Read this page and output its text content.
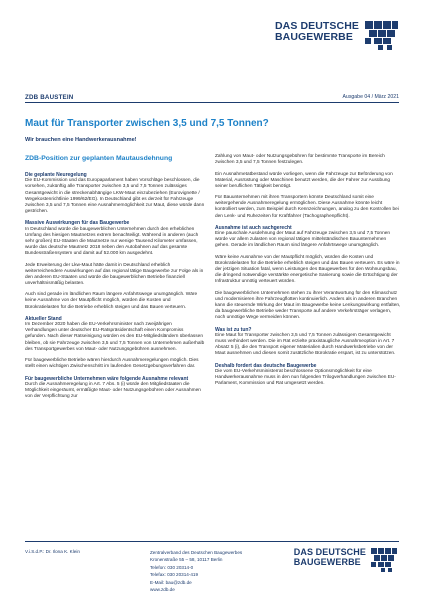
DAS DEUTSCHE
BAUGEWERBE
ZDB BAUSTEIN	Ausgabe 04 / März 2021
Maut für Transporter zwischen 3,5 und 7,5 Tonnen?
Wir brauchen eine Handwerkerausnahme!
ZDB-Position zur geplanten Mautausdehnung
Die geplante Neuregelung

Die EU-Kommission und das Europaparlament haben Vorschläge beschlossen, die vorsehen, zukünftig alle Transporter zwischen 3,5 und 7,5 Tonnen zulässiges Gesamtgewicht in die streckenabhängige LKW-Maut einzubeziehen (Eurovignette / Wegekostenrichtlinie 1999/62/EG). In Deutschland gibt es derzeit für Fahrzeuge zwischen 3,5 und 7,5 Tonnen eine Ausnahmemöglichkeit zur Maut, diese würde dann gestrichen.

Massive Auswirkungen für das Baugewerbe

In Deutschland würde die baugewerblichen Unternehmen durch den erheblichen Umfang des hiesigen Mautnetzes extrem benachteiligt. Während in anderen (auch sehr großen) EU-Staaten die Mautnetze nur wenige Tausend Kilometer umfassen, wurde das deutsche Mautnetz 2018 neben den Autobahnen auf das gesamte Bundesstraßensystem und damit auf 52.000 km ausgedehnt.

Jede Erweiterung der Lkw-Maut hätte damit in Deutschland erheblich weiterreichendere Auswirkungen auf das regional tätige Baugewerbe zur Folge als in den anderen EU-Staaten und würde die baugewerblichen Betriebe finanziell unverhältnismäßig belasten.

Auch sind gerade im ländlichen Raum längere Anfahrtswege unumgänglich. Wäre keine Ausnahme von der Mautpflicht möglich, würden die Kosten und Bürokratielasten für die Betriebe erheblich steigen und das Bauen verteuern.

Aktueller Stand

Im Dezember 2020 haben die EU-Verkehrsminister nach zweijährigen Verhandlungen unter deutscher EU-Ratspräsidentschaft einen Kompromiss gefunden. Nach dieser Ratseinigung würden es den EU-Mitgliedsländern überlassen bleiben, ob sie Fahrzeuge zwischen 3,5 und 7,5 Tonnen von Unternehmen außerhalb des Transportgewerbes von Maut- oder Nutzungsgebühren ausnehmen.

Für baugewerbliche Betriebe wären hierdurch Ausnahmeregelungen möglich. Dies stellt einen wichtigen Zwischenschritt im laufenden Gesetzgebungsverfahren dar.

Für baugewerbliche Unternehmen wäre folgende Ausnahme relevant

Durch die Ausnahmeregelung in Art. 7 Abs. 5 (i) würde den Mitgliedstaaten die Möglichkeit eingeräumt, ermäßigte Maut- oder Nutzungsgebühren oder Ausnahmen von der Verpflichtung zur

Zahlung von Maut- oder Nutzungsgebühren für bestimmte Transporte im Bereich zwischen 3,5 und 7,5 Tonnen festzulegen.

Ein Ausnahmetatbestand würde vorliegen, wenn die Fahrzeuge zur Beförderung von Material, Ausrüstung oder Maschinen benutzt werden, die der Fahrer zur Ausübung seiner beruflichen Tätigkeit benötigt.

Für Bauunternehmen mit ihren Transportern könnte Deutschland somit eine weitergehende Ausnahmeregelung ermöglichen. Diese Ausnahme könnte leicht kontrolliert werden, zum Beispiel durch Kennzeichnungen, analog zu den Kontrollen bei den Lenk- und Ruhezeiten für Kraftfahrer (Tachographenpflicht).

Ausnahme ist auch sachgerecht

Eine pauschale Ausdehnung der Maut auf Fahrzeuge zwischen 3,5 und 7,5 Tonnen würde vor allem zulasten von regional tätigen mittelständischen Bauunternehmen gehen. Gerade im ländlichen Raum sind längere Anfahrtswege unumgänglich.

Wäre keine Ausnahme von der Mautpflicht möglich, würden die Kosten und Bürokratielasten für die Betriebe erheblich steigen und das Bauen verteuern. Es wäre in der jetzigen Situation fatal, wenn Leistungen des Baugewerbes für den Wohnungsbau, die dringend notwendige verstärkte energetische Sanierung sowie die Ertüchtigung der Infrastruktur unnötig verteuert würden.

Die baugewerblichen Unternehmen stehen zu ihrer Verantwortung für den Klimaschutz und modernisieren ihre Fahrzeugflotten kontinuierlich. Anders als in anderen Branchen kann die steuernde Wirkung der Maut im Baugewerbe keine Lenkungswirkung entfalten, da baugewerbliche Betriebe weder Transporte auf andere Verkehrsträger verlagern, noch unnötige Wege vermeiden können.

Was ist zu tun?

Eine Maut für Transporter zwischen 3,5 und 7,5 Tonnen zulässigem Gesamtgewicht muss verhindert werden. Die im Rat erzielte praxistaugliche Ausnahmeoption in Art. 7 Absatz 5 (i), die den Transport eigener Materialien durch Handwerksbetriebe von der Maut ausnehmen und diesen somit zusätzliche Bürokratie erspart, ist zu unterstützen.

Deshalb fordert das deutsche Baugewerbe

Die vom EU-Verkehrsministerrat beschlossene Optionsmöglichkeit für eine Handwerkerausnahme muss in den nun folgenden Trilogverhandlungen zwischen EU-Parlament, Kommission und Rat umgesetzt werden.

V.i.S.d.P.: Dr. Ilona K. Klein	Zentralverband des Deutschen Baugewerbes
Kronenstraße 55 – 58, 10117 Berlin
Telefon: 030 20314-0
Telefax: 030 20314-419
E-Mail: bau@zdb.de
www.zdb.de
DAS DEUTSCHE
BAUGEWERBE
